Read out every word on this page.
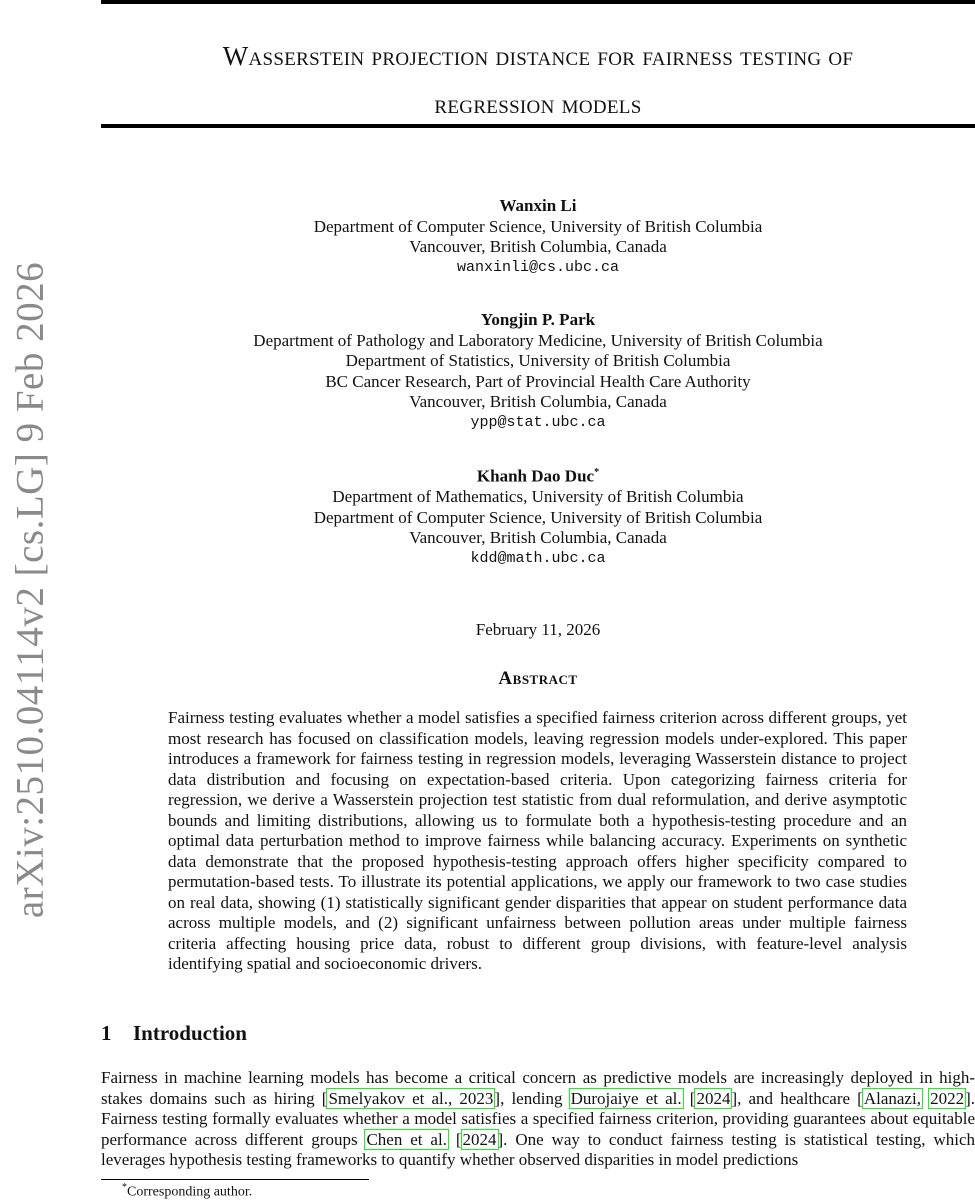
arXiv:2510.04114v2 [cs.LG] 9 Feb 2026
Wasserstein projection distance for fairness testing of
regression models
Wanxin Li
Department of Computer Science, University of British Columbia
Vancouver, British Columbia, Canada
wanxinli@cs.ubc.ca
Yongjin P. Park
Department of Pathology and Laboratory Medicine, University of British Columbia
Department of Statistics, University of British Columbia
BC Cancer Research, Part of Provincial Health Care Authority
Vancouver, British Columbia, Canada
ypp@stat.ubc.ca
Khanh Dao Duc*
Department of Mathematics, University of British Columbia
Department of Computer Science, University of British Columbia
Vancouver, British Columbia, Canada
kdd@math.ubc.ca
February 11, 2026
Abstract
Fairness testing evaluates whether a model satisfies a specified fairness criterion across different groups, yet most research has focused on classification models, leaving regression models under-explored. This paper introduces a framework for fairness testing in regression models, leveraging Wasserstein distance to project data distribution and focusing on expectation-based criteria. Upon categorizing fairness criteria for regression, we derive a Wasserstein projection test statistic from dual reformulation, and derive asymptotic bounds and limiting distributions, allowing us to formulate both a hypothesis-testing procedure and an optimal data perturbation method to improve fairness while balancing accuracy. Experiments on synthetic data demonstrate that the proposed hypothesis-testing approach offers higher specificity compared to permutation-based tests. To illustrate its potential applications, we apply our framework to two case studies on real data, showing (1) statistically significant gender disparities that appear on student performance data across multiple models, and (2) significant unfairness between pollution areas under multiple fairness criteria affecting housing price data, robust to different group divisions, with feature-level analysis identifying spatial and socioeconomic drivers.
1 Introduction
Fairness in machine learning models has become a critical concern as predictive models are increasingly deployed in high-stakes domains such as hiring [Smelyakov et al., 2023], lending Durojaiye et al. [2024], and healthcare [Alanazi, 2022]. Fairness testing formally evaluates whether a model satisfies a specified fairness criterion, providing guarantees about equitable performance across different groups Chen et al. [2024]. One way to conduct fairness testing is statistical testing, which leverages hypothesis testing frameworks to quantify whether observed disparities in model predictions
*Corresponding author.
